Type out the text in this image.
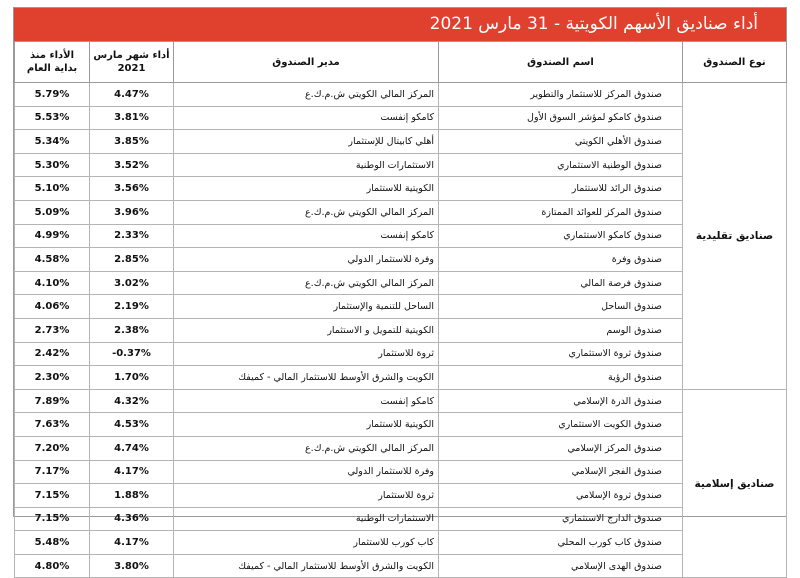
أداء صناديق الأسهم الكويتية - 31 مارس 2021
الأداء منذ بداية العام	أداء شهر مارس 2021	مدير الصندوق	اسم الصندوق	نوع الصندوق
5.79%	4.47%	المركز المالي الكويتي ش.م.ك.ع	صندوق المركز للاستثمار والتطوير	صناديق تقليدية
5.53%	3.81%	كامكو إنفست	صندوق كامكو لمؤشر السوق الأول	
5.34%	3.85%	أهلي كابيتال للإستثمار	صندوق الأهلي الكويتي	
5.30%	3.52%	الاستثمارات الوطنية	صندوق الوطنية الاستثماري	
5.10%	3.56%	الكويتية للاستثمار	صندوق الرائد للاستثمار	
5.09%	3.96%	المركز المالي الكويتي ش.م.ك.ع	صندوق المركز للعوائد الممتازة	
4.99%	2.33%	كامكو إنفست	صندوق كامكو الاستثماري	
4.58%	2.85%	وفرة للاستثمار الدولي	صندوق وفرة	
4.10%	3.02%	المركز المالي الكويتي ش.م.ك.ع	صندوق فرصة المالي	
4.06%	2.19%	الساحل للتنمية والإستثمار	صندوق الساحل	
2.73%	2.38%	الكويتية للتمويل و الاستثمار	صندوق الوسم	
2.42%	-0.37%	ثروة للاستثمار	صندوق ثروة الاستثماري	
2.30%	1.70%	الكويت والشرق الأوسط للاستثمار المالي - كميفك	صندوق الرؤية	
7.89%	4.32%	كامكو إنفست	صندوق الدرة الإسلامي	صناديق إسلامية
7.63%	4.53%	الكويتية للاستثمار	صندوق الكويت الاستثماري	
7.20%	4.74%	المركز المالي الكويتي ش.م.ك.ع	صندوق المركز الإسلامي	
7.17%	4.17%	وفرة للاستثمار الدولي	صندوق الفجر الإسلامي	
7.15%	1.88%	ثروة للاستثمار	صندوق ثروة الإسلامي	
7.15%	4.36%	الاستثمارات الوطنية	صندوق الدارج الاستثماري	
5.48%	4.17%	كاب كورب للاستثمار	صندوق كاب كورب المحلي	
4.80%	3.80%	الكويت والشرق الأوسط للاستثمار المالي - كميفك	صندوق الهدى الإسلامي	
